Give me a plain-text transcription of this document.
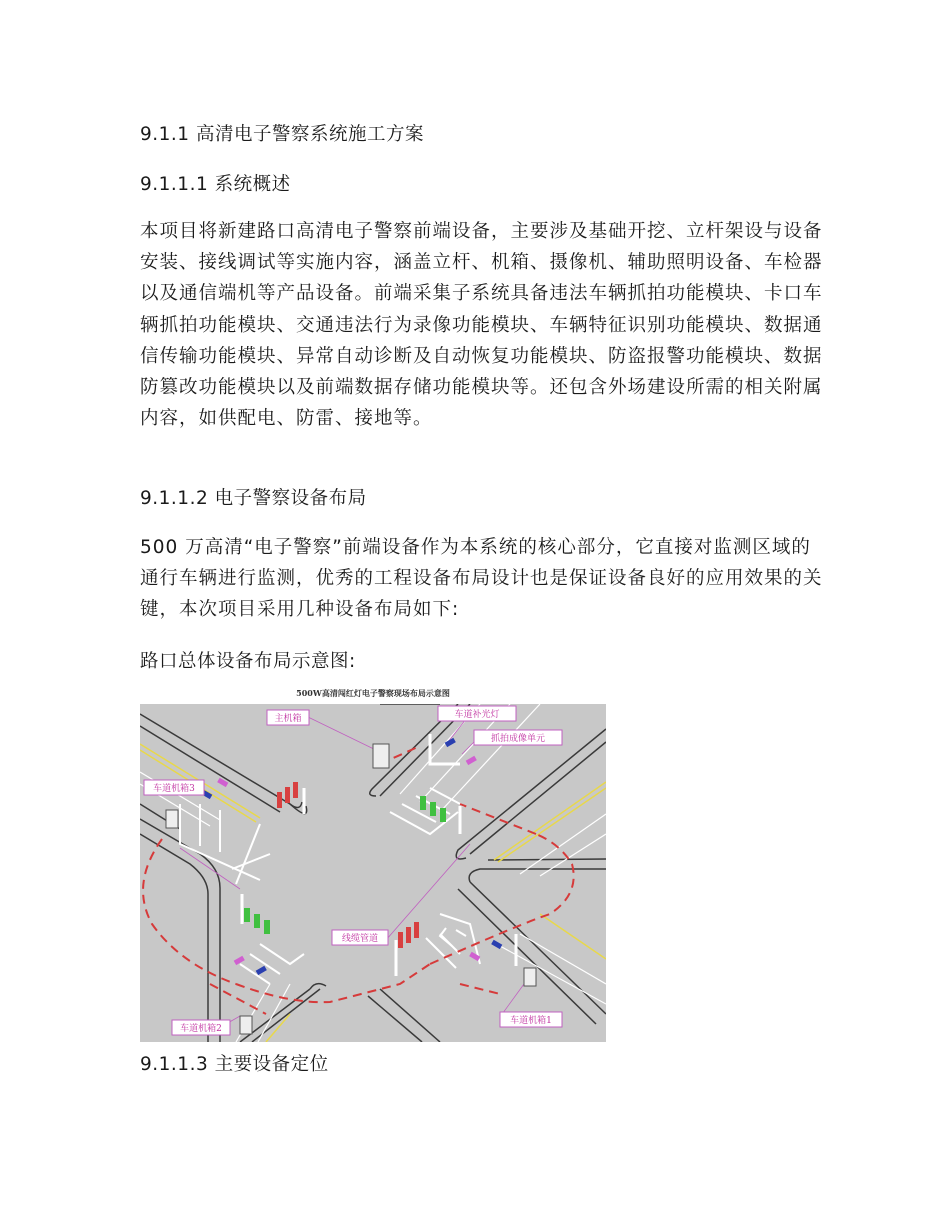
9.1.1 高清电子警察系统施工方案
9.1.1.1 系统概述
本项目将新建路口高清电子警察前端设备，主要涉及基础开挖、立杆架设与设备安装、接线调试等实施内容，涵盖立杆、机箱、摄像机、辅助照明设备、车检器以及通信端机等产品设备。前端采集子系统具备违法车辆抓拍功能模块、卡口车辆抓拍功能模块、交通违法行为录像功能模块、车辆特征识别功能模块、数据通信传输功能模块、异常自动诊断及自动恢复功能模块、防盗报警功能模块、数据防篡改功能模块以及前端数据存储功能模块等。还包含外场建设所需的相关附属内容，如供配电、防雷、接地等。
9.1.1.2 电子警察设备布局
500 万高清“电子警察”前端设备作为本系统的核心部分，它直接对监测区域的通行车辆进行监测，优秀的工程设备布局设计也是保证设备良好的应用效果的关键，本次项目采用几种设备布局如下:
路口总体设备布局示意图:
500W高清闯红灯电子警察现场布局示意图
主机箱	车道补光灯
抓拍成像单元
车道机箱3
线缆管道
车道机箱2
车道机箱1
9.1.1.3 主要设备定位
